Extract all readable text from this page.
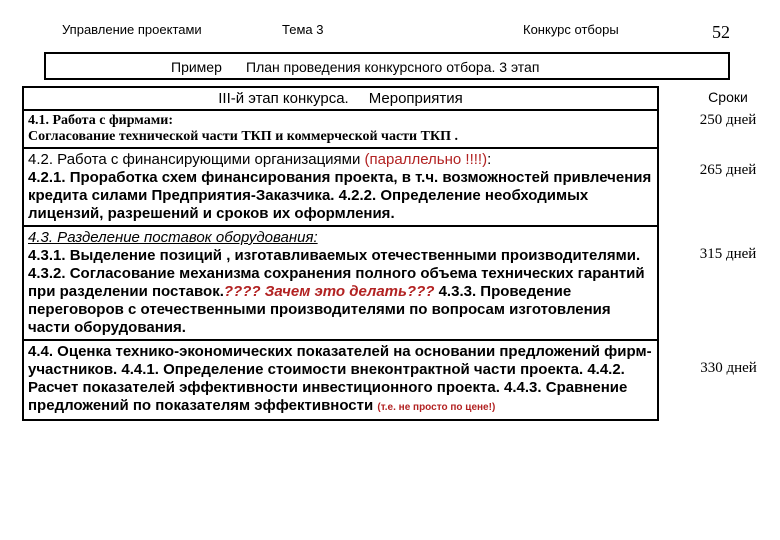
Управление проектами	Тема 3	Конкурс отборы	52
Пример План проведения конкурсного отбора. 3 этап
III-й этап конкурса. Мероприятия	Сроки

4.1. Работа с фирмами:
Согласование технической части ТКП и коммерческой части ТКП .	250 дней
4.2. Работа с финансирующими организациями (параллельно !!!!):
4.2.1. Проработка схем финансирования проекта, в т.ч. возможностей привлечения кредита силами Предприятия-Заказчика. 4.2.2. Определение необходимых лицензий, разрешений и сроков их оформления.	265 дней

4.3. Разделение поставок оборудования:
4.3.1. Выделение позиций , изготавливаемых отечественными производителями. 4.3.2. Согласование механизма сохранения полного объема технических гарантий при разделении поставок.???? Зачем это делать??? 4.3.3. Проведение переговоров с отечественными производителями по вопросам изготовления части оборудования.	315 дней
4.4. Оценка технико-экономических показателей на основании предложений фирм-участников. 4.4.1. Определение стоимости внеконтрактной части проекта. 4.4.2. Расчет показателей эффективности инвестиционного проекта. 4.4.3. Сравнение предложений по показателям эффективности (т.е. не просто по цене!)	330 дней
